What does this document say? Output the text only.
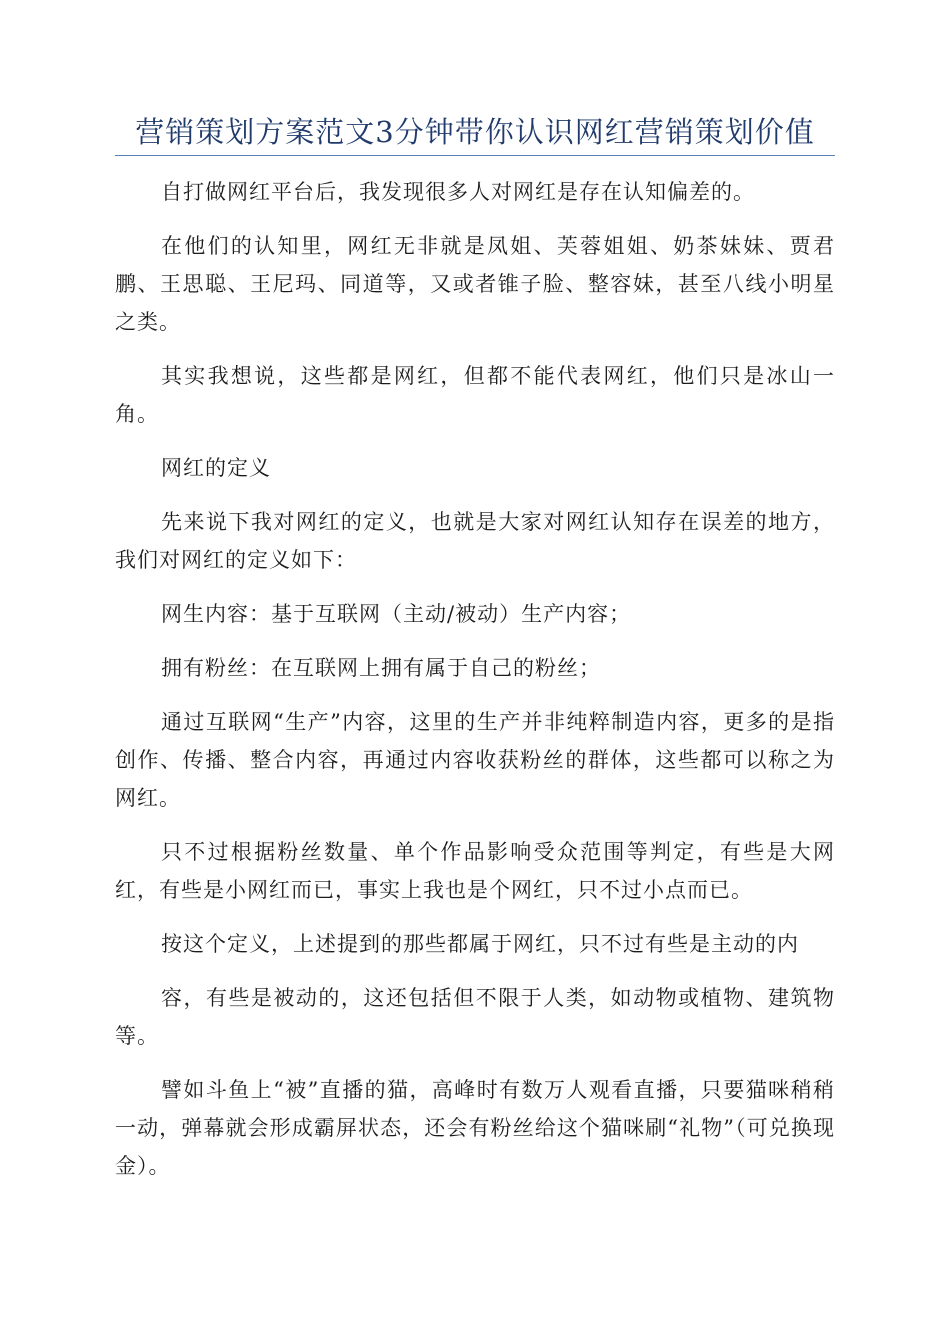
营销策划方案范文3分钟带你认识网红营销策划价值

自打做网红平台后，我发现很多人对网红是存在认知偏差的。

在他们的认知里，网红无非就是凤姐、芙蓉姐姐、奶茶妹妹、贾君鹏、王思聪、王尼玛、同道等，又或者锥子脸、整容妹，甚至八线小明星之类。

其实我想说，这些都是网红，但都不能代表网红，他们只是冰山一角。

网红的定义

先来说下我对网红的定义，也就是大家对网红认知存在误差的地方，我们对网红的定义如下：

网生内容：基于互联网（主动/被动）生产内容；

拥有粉丝：在互联网上拥有属于自己的粉丝；

通过互联网“生产”内容，这里的生产并非纯粹制造内容，更多的是指创作、传播、整合内容，再通过内容收获粉丝的群体，这些都可以称之为网红。

只不过根据粉丝数量、单个作品影响受众范围等判定，有些是大网红，有些是小网红而已，事实上我也是个网红，只不过小点而已。

按这个定义，上述提到的那些都属于网红，只不过有些是主动的内

容，有些是被动的，这还包括但不限于人类，如动物或植物、建筑物等。

譬如斗鱼上“被”直播的猫，高峰时有数万人观看直播，只要猫咪稍稍一动，弹幕就会形成霸屏状态，还会有粉丝给这个猫咪刷“礼物”（可兑换现金）。
